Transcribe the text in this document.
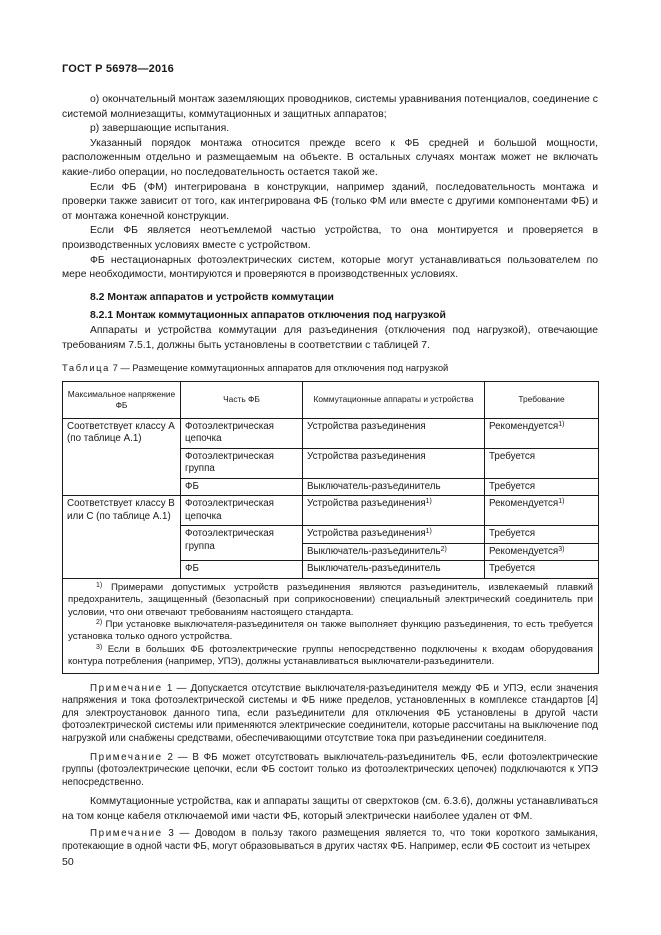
ГОСТ Р 56978—2016

о) окончательный монтаж заземляющих проводников, системы уравнивания потенциалов, соединение с системой молниезащиты, коммутационных и защитных аппаратов;

р) завершающие испытания.

Указанный порядок монтажа относится прежде всего к ФБ средней и большой мощности, расположенным отдельно и размещаемым на объекте. В остальных случаях монтаж может не включать какие-либо операции, но последовательность остается такой же.

Если ФБ (ФМ) интегрирована в конструкции, например зданий, последовательность монтажа и проверки также зависит от того, как интегрирована ФБ (только ФМ или вместе с другими компонентами ФБ) и от монтажа конечной конструкции.

Если ФБ является неотъемлемой частью устройства, то она монтируется и проверяется в производственных условиях вместе с устройством.

ФБ нестационарных фотоэлектрических систем, которые могут устанавливаться пользователем по мере необходимости, монтируются и проверяются в производственных условиях.

8.2 Монтаж аппаратов и устройств коммутации

8.2.1 Монтаж коммутационных аппаратов отключения под нагрузкой

Аппараты и устройства коммутации для разъединения (отключения под нагрузкой), отвечающие требованиям 7.5.1, должны быть установлены в соответствии с таблицей 7.

Таблица 7 — Размещение коммутационных аппаратов для отключения под нагрузкой

Максимальное напряжение ФБ	Часть ФБ	Коммутационные аппараты и устройства	Требование
Соответствует классу А (по таблице А.1)	Фотоэлектрическая цепочка	Устройства разъединения	Рекомендуется$^{1)}$
	Фотоэлектрическая группа	Устройства разъединения	Требуется
	ФБ	Выключатель-разъединитель	Требуется
Соответствует классу В или С (по таблице А.1)	Фотоэлектрическая цепочка	Устройства разъединения$^{1)}$	Рекомендуется$^{1)}$
	Фотоэлектрическая группа	Устройства разъединения$^{1)}$	Требуется
		Выключатель-разъединитель$^{2)}$	Рекомендуется$^{3)}$
	ФБ	Выключатель-разъединитель	Требуется

$^{1)}$ Примерами допустимых устройств разъединения являются разъединитель, извлекаемый плавкий предохранитель, защищенный (безопасный при соприкосновении) специальный электрический соединитель при условии, что они отвечают требованиям настоящего стандарта.

$^{2)}$ При установке выключателя-разъединителя он также выполняет функцию разъединения, то есть требуется установка только одного устройства.

$^{3)}$ Если в больших ФБ фотоэлектрические группы непосредственно подключены к входам оборудования контура потребления (например, УПЭ), должны устанавливаться выключатели-разъединители.			

Примечание 1 — Допускается отсутствие выключателя-разъединителя между ФБ и УПЭ, если значения напряжения и тока фотоэлектрической системы и ФБ ниже пределов, установленных в комплексе стандартов [4] для электроустановок данного типа, если разъединители для отключения ФБ установлены в другой части фотоэлектрической системы или применяются электрические соединители, которые рассчитаны на выключение под нагрузкой или снабжены средствами, обеспечивающими отсутствие тока при разъединении соединителя.

Примечание 2 — В ФБ может отсутствовать выключатель-разъединитель ФБ, если фотоэлектрические группы (фотоэлектрические цепочки, если ФБ состоит только из фотоэлектрических цепочек) подключаются к УПЭ непосредственно.

Коммутационные устройства, как и аппараты защиты от сверхтоков (см. 6.3.6), должны устанавливаться на том конце кабеля отключаемой ими части ФБ, который электрически наиболее удален от ФМ.

Примечание 3 — Доводом в пользу такого размещения является то, что токи короткого замыкания, протекающие в одной части ФБ, могут образовываться в других частях ФБ. Например, если ФБ состоит из четырех

50
